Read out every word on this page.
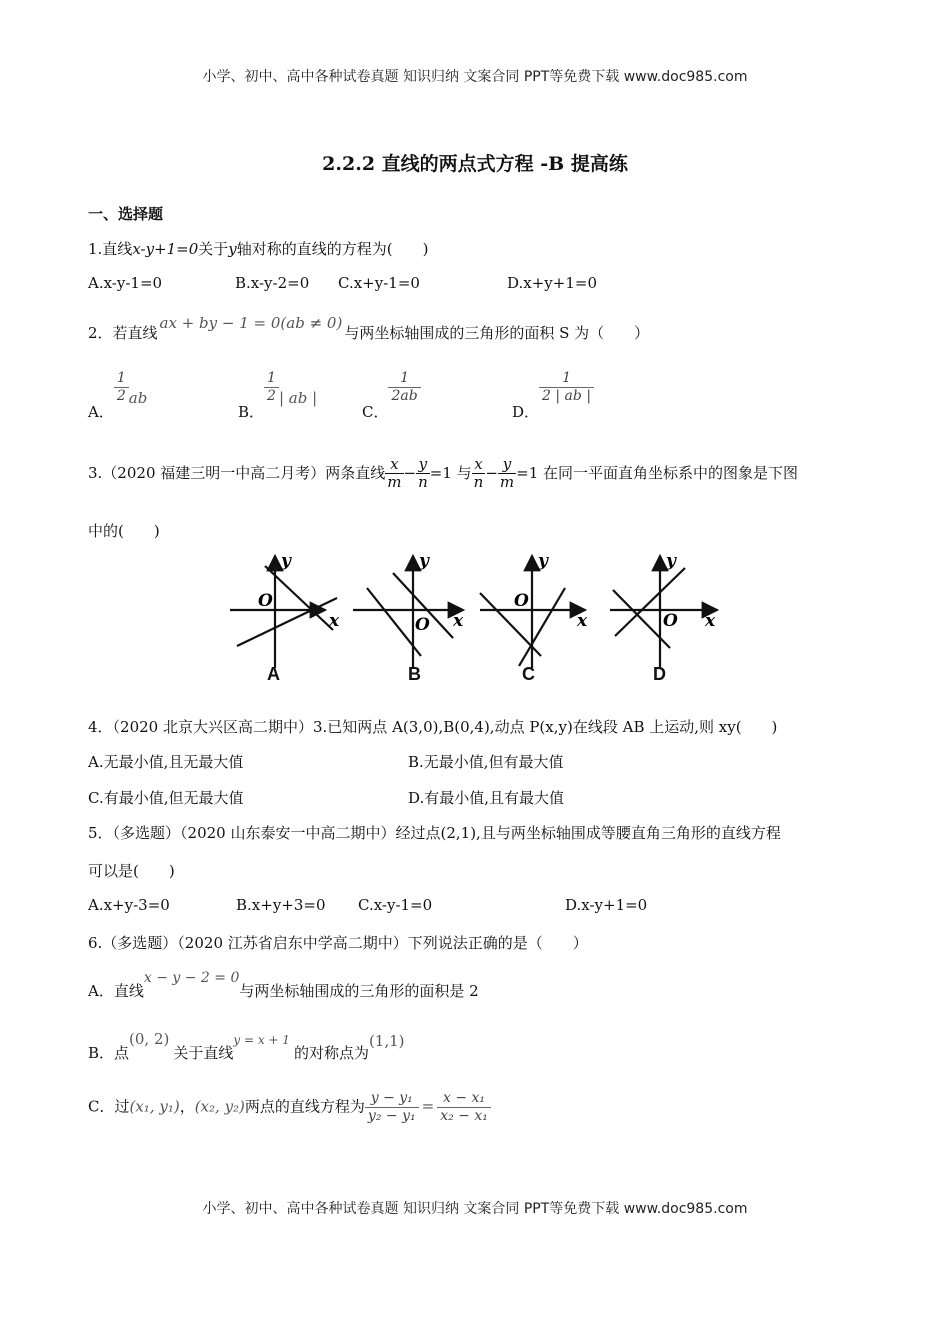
小学、初中、高中各种试卷真题 知识归纳 文案合同 PPT等免费下载 www.doc985.com
2.2.2 直线的两点式方程 -B 提高练
一、选择题
1.直线x-y+1=0关于y轴对称的直线的方程为(　　)
A.x-y-1=0	B.x-y-2=0 C.x+y-1=0	D.x+y+1=0
2．若直线ax + by − 1 = 0(ab ≠ 0)与两坐标轴围成的三角形的面积 S 为（　　）
A．
$\frac{1}{2}$ ab
B．
$\frac{1}{2}$ | ab |
C．
$\frac{1}{2ab}$
D．
$\frac{1}{2 | ab |}$
3.（2020 福建三明一中高二月考）两条直线 $\frac{x}{m} - \frac{y}{n} =1$ 与 $\frac{x}{n} - \frac{y}{m} =1$ 在同一平面直角坐标系中的图象是下图
中的(　　)
y
x
O
y
x
O
y
x
O
y
x
O
A	B	C	D
4．（2020 北京大兴区高二期中）3.已知两点 A(3,0),B(0,4),动点 P(x,y)在线段 AB 上运动,则 xy(　　)
A.无最小值,且无最大值	B.无最小值,但有最大值
C.有最小值,但无最大值	D.有最小值,且有最大值
5．（多选题）（2020 山东泰安一中高二期中）经过点(2,1),且与两坐标轴围成等腰直角三角形的直线方程
可以是(　　)
A.x+y-3=0	B.x+y+3=0 C.x-y-1=0	D.x-y+1=0
6.（多选题）（2020 江苏省启东中学高二期中）下列说法正确的是（　　）
A．直线x − y − 2 = 0与两坐标轴围成的三角形的面积是 2
B．点(0, 2)关于直线$^{y = x + 1}$的对称点为(1,1)
C．过(x₁, y₁)，(x₂, y₂)两点的直线方程为 $\frac{\text{y − y₁}}{\text{y₂ − y₁}} = \frac{\text{x − x₁}}{\text{x₂ − x₁}}$
小学、初中、高中各种试卷真题 知识归纳 文案合同 PPT等免费下载 www.doc985.com
